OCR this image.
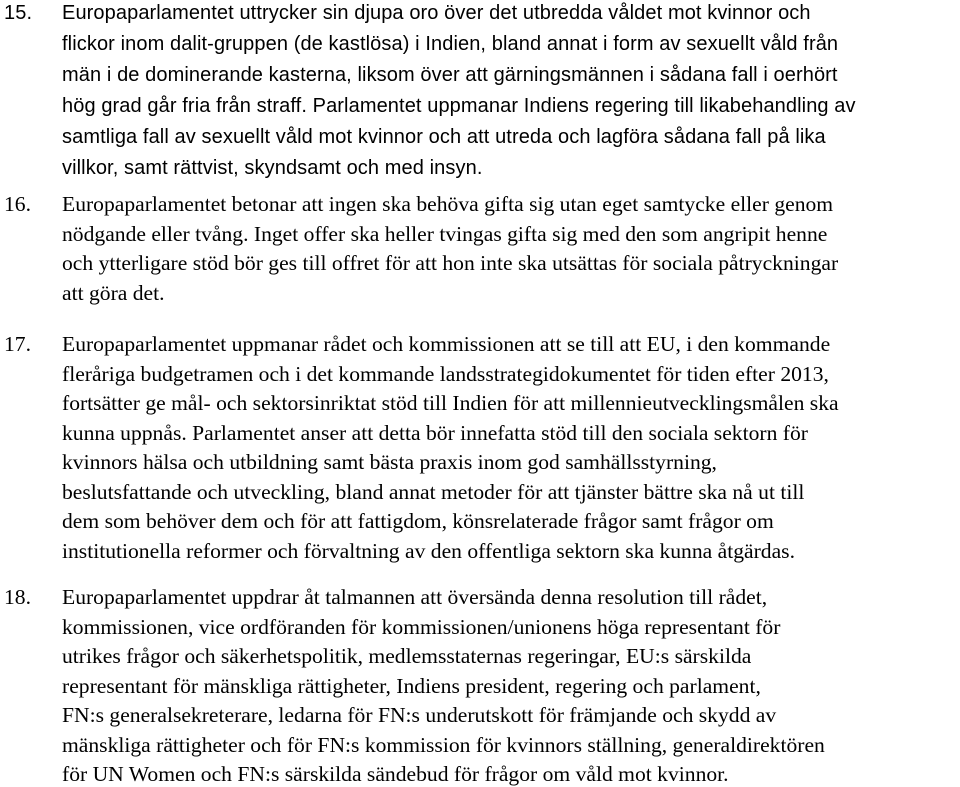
15. Europaparlamentet uttrycker sin djupa oro över det utbredda våldet mot kvinnor och
flickor inom dalit-gruppen (de kastlösa) i Indien, bland annat i form av sexuellt våld från
män i de dominerande kasterna, liksom över att gärningsmännen i sådana fall i oerhört
hög grad går fria från straff. Parlamentet uppmanar Indiens regering till likabehandling av
samtliga fall av sexuellt våld mot kvinnor och att utreda och lagföra sådana fall på lika
villkor, samt rättvist, skyndsamt och med insyn.
16. Europaparlamentet betonar att ingen ska behöva gifta sig utan eget samtycke eller genom
nödgande eller tvång. Inget offer ska heller tvingas gifta sig med den som angripit henne
och ytterligare stöd bör ges till offret för att hon inte ska utsättas för sociala påtryckningar
att göra det.
17. Europaparlamentet uppmanar rådet och kommissionen att se till att EU, i den kommande
fleråriga budgetramen och i det kommande landsstrategidokumentet för tiden efter 2013,
fortsätter ge mål- och sektorsinriktat stöd till Indien för att millennieutvecklingsmålen ska
kunna uppnås. Parlamentet anser att detta bör innefatta stöd till den sociala sektorn för
kvinnors hälsa och utbildning samt bästa praxis inom god samhällsstyrning,
beslutsfattande och utveckling, bland annat metoder för att tjänster bättre ska nå ut till
dem som behöver dem och för att fattigdom, könsrelaterade frågor samt frågor om
institutionella reformer och förvaltning av den offentliga sektorn ska kunna åtgärdas.
18. Europaparlamentet uppdrar åt talmannen att översända denna resolution till rådet,
kommissionen, vice ordföranden för kommissionen/unionens höga representant för
utrikes frågor och säkerhetspolitik, medlemsstaternas regeringar, EU:s särskilda
representant för mänskliga rättigheter, Indiens president, regering och parlament,
FN:s generalsekreterare, ledarna för FN:s underutskott för främjande och skydd av
mänskliga rättigheter och för FN:s kommission för kvinnors ställning, generaldirektören
för UN Women och FN:s särskilda sändebud för frågor om våld mot kvinnor.
